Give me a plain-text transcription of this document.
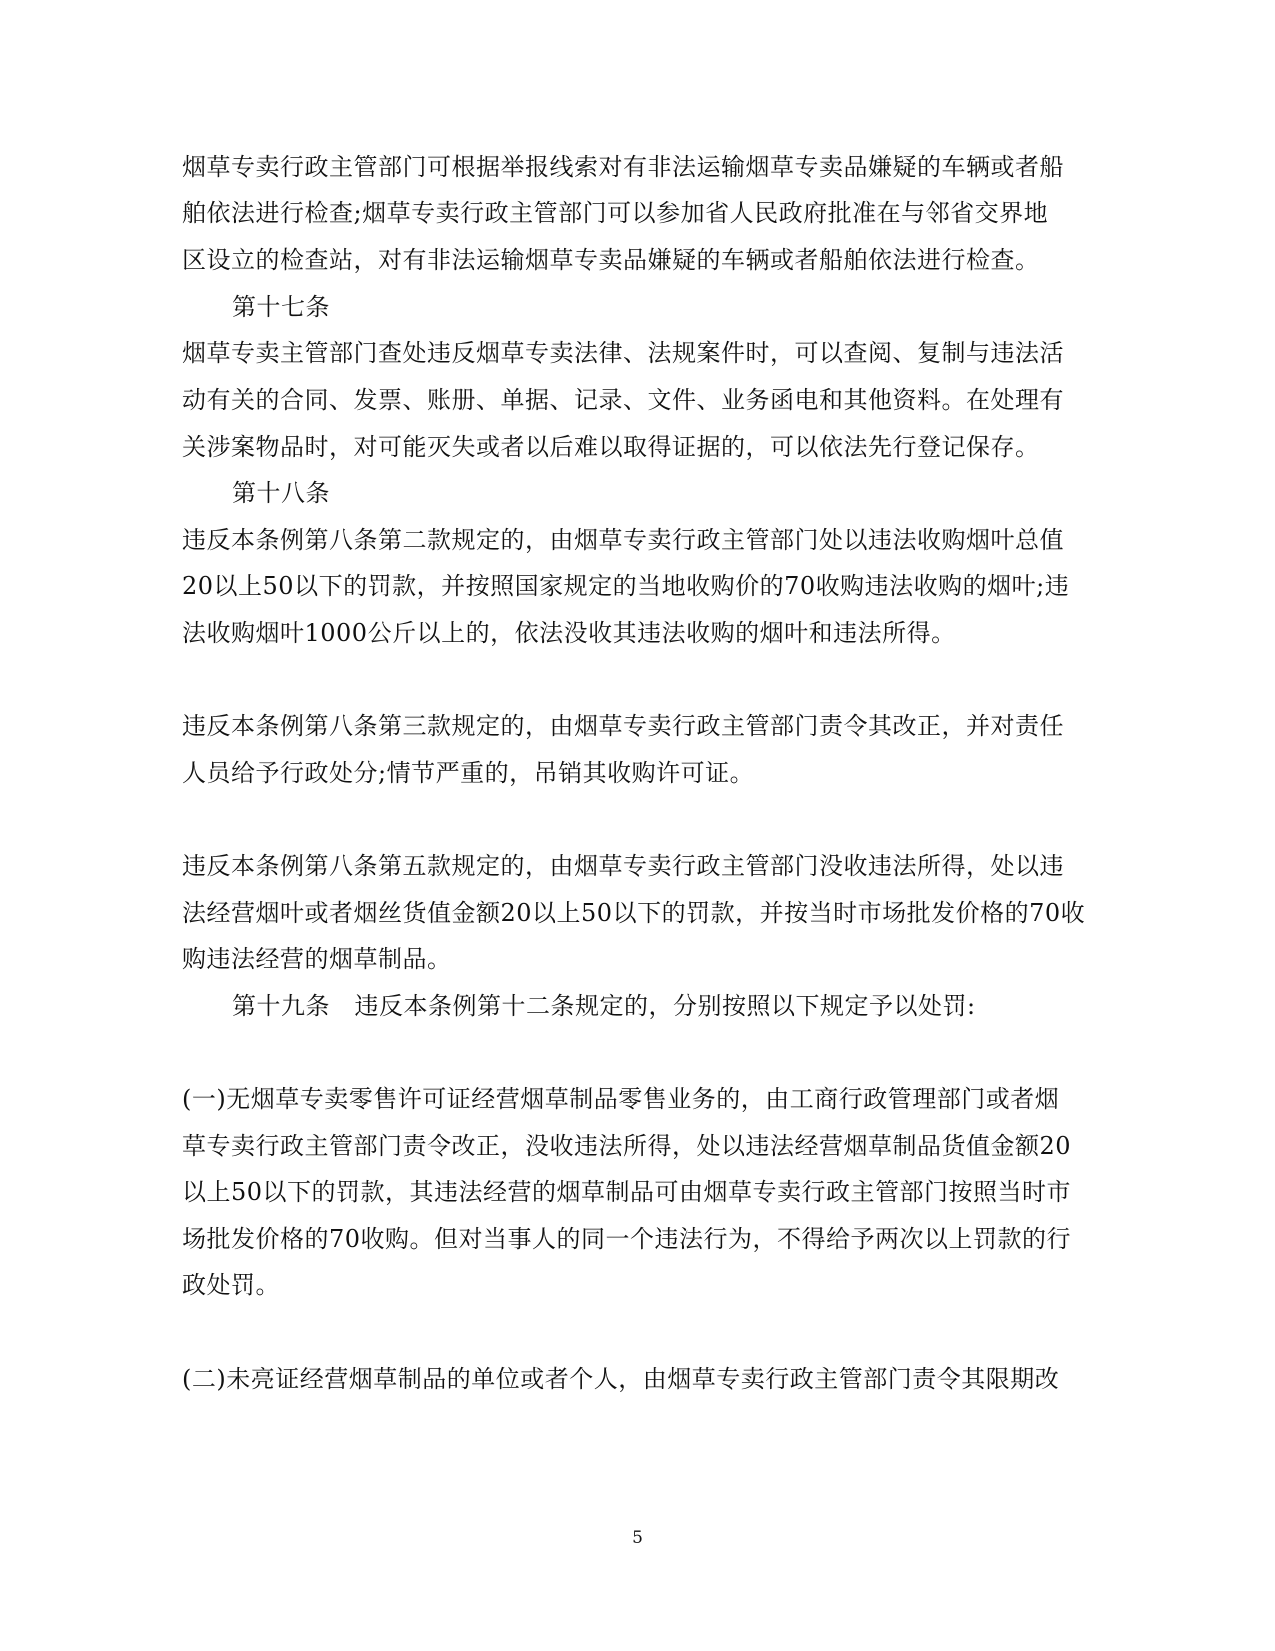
烟草专卖行政主管部门可根据举报线索对有非法运输烟草专卖品嫌疑的车辆或者船
舶依法进行检查;烟草专卖行政主管部门可以参加省人民政府批准在与邻省交界地
区设立的检查站，对有非法运输烟草专卖品嫌疑的车辆或者船舶依法进行检查。
第十七条
烟草专卖主管部门查处违反烟草专卖法律、法规案件时，可以查阅、复制与违法活
动有关的合同、发票、账册、单据、记录、文件、业务函电和其他资料。在处理有
关涉案物品时，对可能灭失或者以后难以取得证据的，可以依法先行登记保存。
第十八条
违反本条例第八条第二款规定的，由烟草专卖行政主管部门处以违法收购烟叶总值
20以上50以下的罚款，并按照国家规定的当地收购价的70收购违法收购的烟叶;违
法收购烟叶1000公斤以上的，依法没收其违法收购的烟叶和违法所得。
违反本条例第八条第三款规定的，由烟草专卖行政主管部门责令其改正，并对责任
人员给予行政处分;情节严重的，吊销其收购许可证。
违反本条例第八条第五款规定的，由烟草专卖行政主管部门没收违法所得，处以违
法经营烟叶或者烟丝货值金额20以上50以下的罚款，并按当时市场批发价格的70收
购违法经营的烟草制品。
第十九条　违反本条例第十二条规定的，分别按照以下规定予以处罚:
(一)无烟草专卖零售许可证经营烟草制品零售业务的，由工商行政管理部门或者烟
草专卖行政主管部门责令改正，没收违法所得，处以违法经营烟草制品货值金额20
以上50以下的罚款，其违法经营的烟草制品可由烟草专卖行政主管部门按照当时市
场批发价格的70收购。但对当事人的同一个违法行为，不得给予两次以上罚款的行
政处罚。
(二)未亮证经营烟草制品的单位或者个人，由烟草专卖行政主管部门责令其限期改
5
